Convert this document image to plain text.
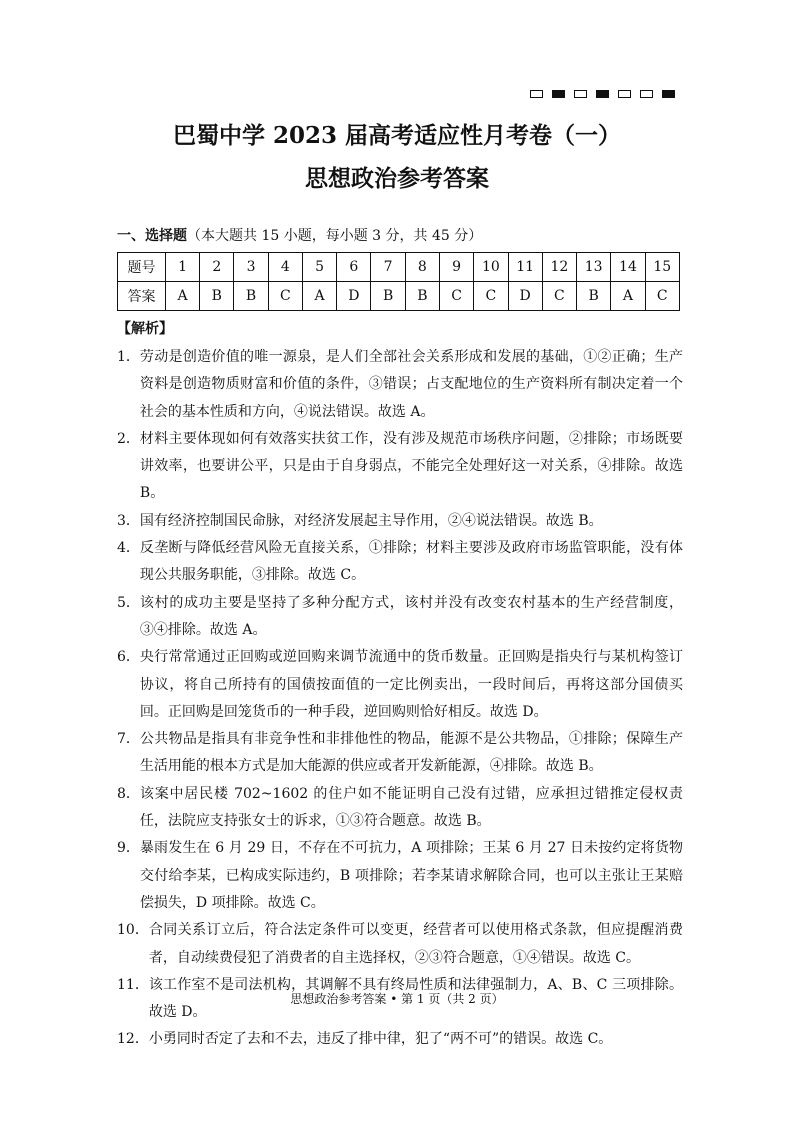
巴蜀中学 2023 届高考适应性月考卷（一）
思想政治参考答案
一、选择题（本大题共 15 小题，每小题 3 分，共 45 分）
题号	1	2	3	4	5	6	7	8	9	10	11	12	13	14	15
答案	A	B	B	C	A	D	B	B	C	C	D	C	B	A	C
【解析】
1． 劳动是创造价值的唯一源泉，是人们全部社会关系形成和发展的基础，①②正确；生产资料是创造物质财富和价值的条件，③错误；占支配地位的生产资料所有制决定着一个社会的基本性质和方向，④说法错误。故选 A。
2． 材料主要体现如何有效落实扶贫工作，没有涉及规范市场秩序问题，②排除；市场既要讲效率，也要讲公平，只是由于自身弱点，不能完全处理好这一对关系，④排除。故选 B。
3． 国有经济控制国民命脉，对经济发展起主导作用，②④说法错误。故选 B。
4． 反垄断与降低经营风险无直接关系，①排除；材料主要涉及政府市场监管职能，没有体现公共服务职能，③排除。故选 C。
5． 该村的成功主要是坚持了多种分配方式，该村并没有改变农村基本的生产经营制度，③④排除。故选 A。
6． 央行常常通过正回购或逆回购来调节流通中的货币数量。正回购是指央行与某机构签订协议，将自己所持有的国债按面值的一定比例卖出，一段时间后，再将这部分国债买回。正回购是回笼货币的一种手段，逆回购则恰好相反。故选 D。
7． 公共物品是指具有非竞争性和非排他性的物品，能源不是公共物品，①排除；保障生产生活用能的根本方式是加大能源的供应或者开发新能源，④排除。故选 B。
8． 该案中居民楼 702~1602 的住户如不能证明自己没有过错，应承担过错推定侵权责任，法院应支持张女士的诉求，①③符合题意。故选 B。
9． 暴雨发生在 6 月 29 日，不存在不可抗力，A 项排除；王某 6 月 27 日未按约定将货物交付给李某，已构成实际违约，B 项排除；若李某请求解除合同，也可以主张让王某赔偿损失，D 项排除。故选 C。
10． 合同关系订立后，符合法定条件可以变更，经营者可以使用格式条款，但应提醒消费者，自动续费侵犯了消费者的自主选择权，②③符合题意，①④错误。故选 C。
11． 该工作室不是司法机构，其调解不具有终局性质和法律强制力，A、B、C 三项排除。故选 D。
12． 小勇同时否定了去和不去，违反了排中律，犯了“两不可”的错误。故选 C。
思想政治参考答案 • 第 1 页（共 2 页）
